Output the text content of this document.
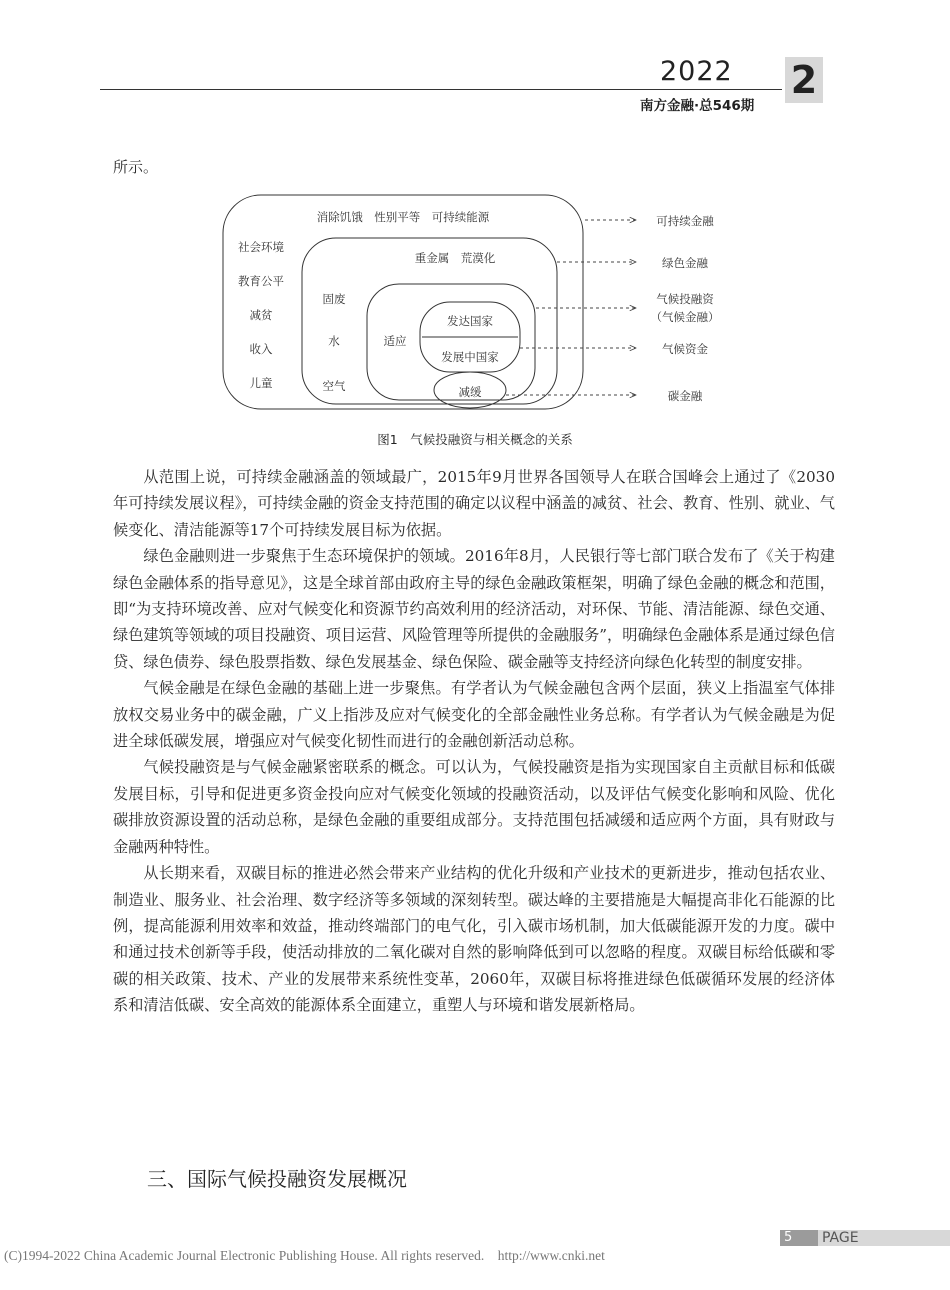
2022
南方金融·总546期
2
所示。
消除饥饿　性别平等　可持续能源
社会环境
教育公平
减贫
收入
儿童
重金属　荒漠化
固废
水
空气
适应
发达国家
发展中国家
减缓
可持续金融
绿色金融
气候投融资
（气候金融）
气候资金
碳金融
图1　气候投融资与相关概念的关系

从范围上说，可持续金融涵盖的领域最广，2015年9月世界各国领导人在联合国峰会上通过了《2030年可持续发展议程》，可持续金融的资金支持范围的确定以议程中涵盖的减贫、社会、教育、性别、就业、气候变化、清洁能源等17个可持续发展目标为依据。

绿色金融则进一步聚焦于生态环境保护的领域。2016年8月，人民银行等七部门联合发布了《关于构建绿色金融体系的指导意见》，这是全球首部由政府主导的绿色金融政策框架，明确了绿色金融的概念和范围，即“为支持环境改善、应对气候变化和资源节约高效利用的经济活动，对环保、节能、清洁能源、绿色交通、绿色建筑等领域的项目投融资、项目运营、风险管理等所提供的金融服务”，明确绿色金融体系是通过绿色信贷、绿色债券、绿色股票指数、绿色发展基金、绿色保险、碳金融等支持经济向绿色化转型的制度安排。

气候金融是在绿色金融的基础上进一步聚焦。有学者认为气候金融包含两个层面，狭义上指温室气体排放权交易业务中的碳金融，广义上指涉及应对气候变化的全部金融性业务总称。有学者认为气候金融是为促进全球低碳发展，增强应对气候变化韧性而进行的金融创新活动总称。

气候投融资是与气候金融紧密联系的概念。可以认为，气候投融资是指为实现国家自主贡献目标和低碳发展目标，引导和促进更多资金投向应对气候变化领域的投融资活动，以及评估气候变化影响和风险、优化碳排放资源设置的活动总称，是绿色金融的重要组成部分。支持范围包括减缓和适应两个方面，具有财政与金融两种特性。

从长期来看，双碳目标的推进必然会带来产业结构的优化升级和产业技术的更新进步，推动包括农业、制造业、服务业、社会治理、数字经济等多领域的深刻转型。碳达峰的主要措施是大幅提高非化石能源的比例，提高能源利用效率和效益，推动终端部门的电气化，引入碳市场机制，加大低碳能源开发的力度。碳中和通过技术创新等手段，使活动排放的二氧化碳对自然的影响降低到可以忽略的程度。双碳目标给低碳和零碳的相关政策、技术、产业的发展带来系统性变革，2060年，双碳目标将推进绿色低碳循环发展的经济体系和清洁低碳、安全高效的能源体系全面建立，重塑人与环境和谐发展新格局。

三、国际气候投融资发展概况
5	PAGE
(C)1994-2022 China Academic Journal Electronic Publishing House. All rights reserved.　http://www.cnki.net
